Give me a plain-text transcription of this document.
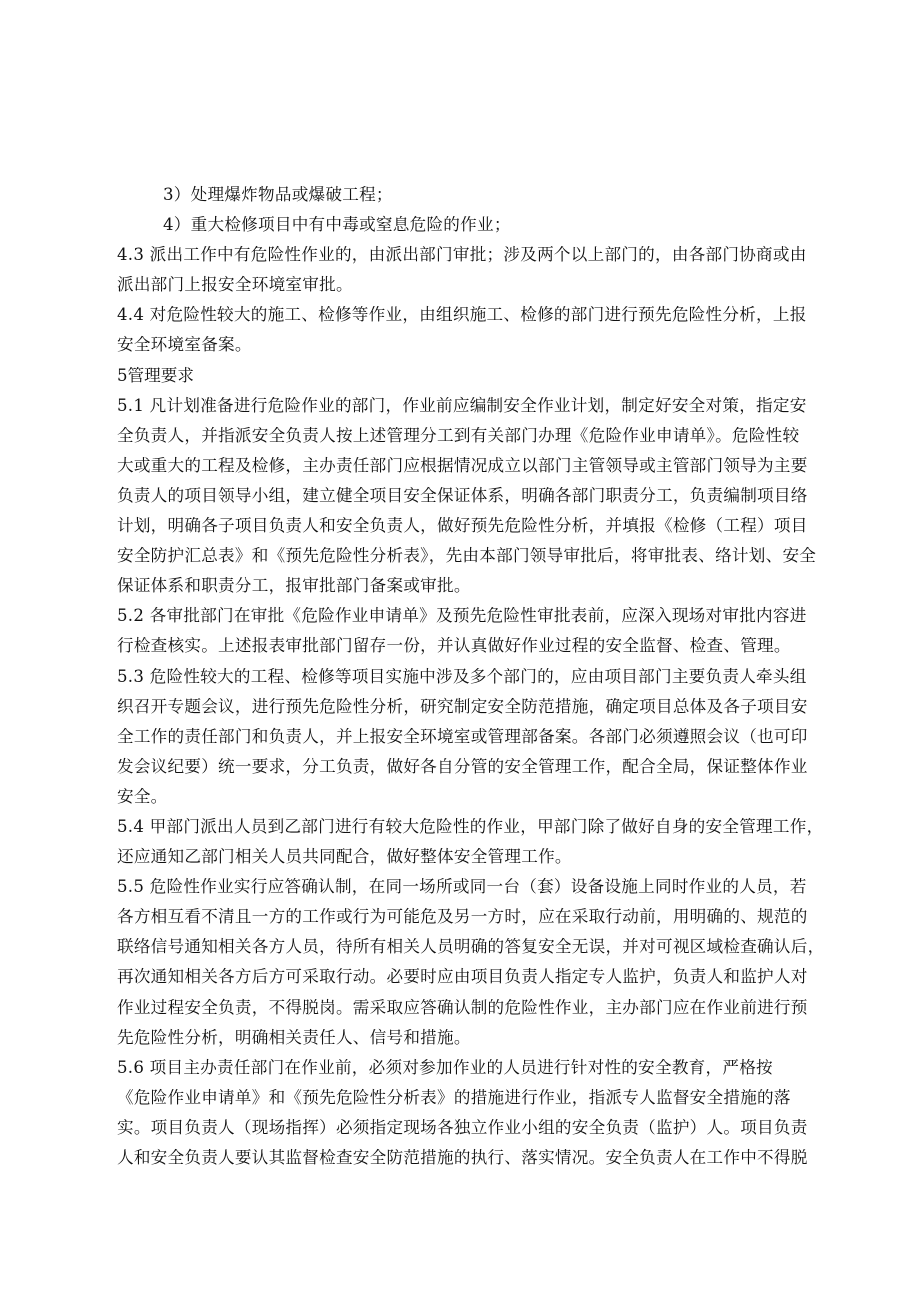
3）处理爆炸物品或爆破工程；
4）重大检修项目中有中毒或窒息危险的作业；
4.3 派出工作中有危险性作业的，由派出部门审批；涉及两个以上部门的，由各部门协商或由
派出部门上报安全环境室审批。
4.4 对危险性较大的施工、检修等作业，由组织施工、检修的部门进行预先危险性分析，上报
安全环境室备案。
5管理要求
5.1 凡计划准备进行危险作业的部门，作业前应编制安全作业计划，制定好安全对策，指定安
全负责人，并指派安全负责人按上述管理分工到有关部门办理《危险作业申请单》。危险性较
大或重大的工程及检修，主办责任部门应根据情况成立以部门主管领导或主管部门领导为主要
负责人的项目领导小组，建立健全项目安全保证体系，明确各部门职责分工，负责编制项目络
计划，明确各子项目负责人和安全负责人，做好预先危险性分析，并填报《检修（工程）项目
安全防护汇总表》和《预先危险性分析表》，先由本部门领导审批后，将审批表、络计划、安全
保证体系和职责分工，报审批部门备案或审批。
5.2 各审批部门在审批《危险作业申请单》及预先危险性审批表前，应深入现场对审批内容进
行检查核实。上述报表审批部门留存一份，并认真做好作业过程的安全监督、检查、管理。
5.3 危险性较大的工程、检修等项目实施中涉及多个部门的，应由项目部门主要负责人牵头组
织召开专题会议，进行预先危险性分析，研究制定安全防范措施，确定项目总体及各子项目安
全工作的责任部门和负责人，并上报安全环境室或管理部备案。各部门必须遵照会议（也可印
发会议纪要）统一要求，分工负责，做好各自分管的安全管理工作，配合全局，保证整体作业
安全。
5.4 甲部门派出人员到乙部门进行有较大危险性的作业，甲部门除了做好自身的安全管理工作，
还应通知乙部门相关人员共同配合，做好整体安全管理工作。
5.5 危险性作业实行应答确认制，在同一场所或同一台（套）设备设施上同时作业的人员，若
各方相互看不清且一方的工作或行为可能危及另一方时，应在采取行动前，用明确的、规范的
联络信号通知相关各方人员，待所有相关人员明确的答复安全无误，并对可视区域检查确认后，
再次通知相关各方后方可采取行动。必要时应由项目负责人指定专人监护，负责人和监护人对
作业过程安全负责，不得脱岗。需采取应答确认制的危险性作业，主办部门应在作业前进行预
先危险性分析，明确相关责任人、信号和措施。
5.6 项目主办责任部门在作业前，必须对参加作业的人员进行针对性的安全教育，严格按
《危险作业申请单》和《预先危险性分析表》的措施进行作业，指派专人监督安全措施的落
实。项目负责人（现场指挥）必须指定现场各独立作业小组的安全负责（监护）人。项目负责
人和安全负责人要认其监督检查安全防范措施的执行、落实情况。安全负责人在工作中不得脱
